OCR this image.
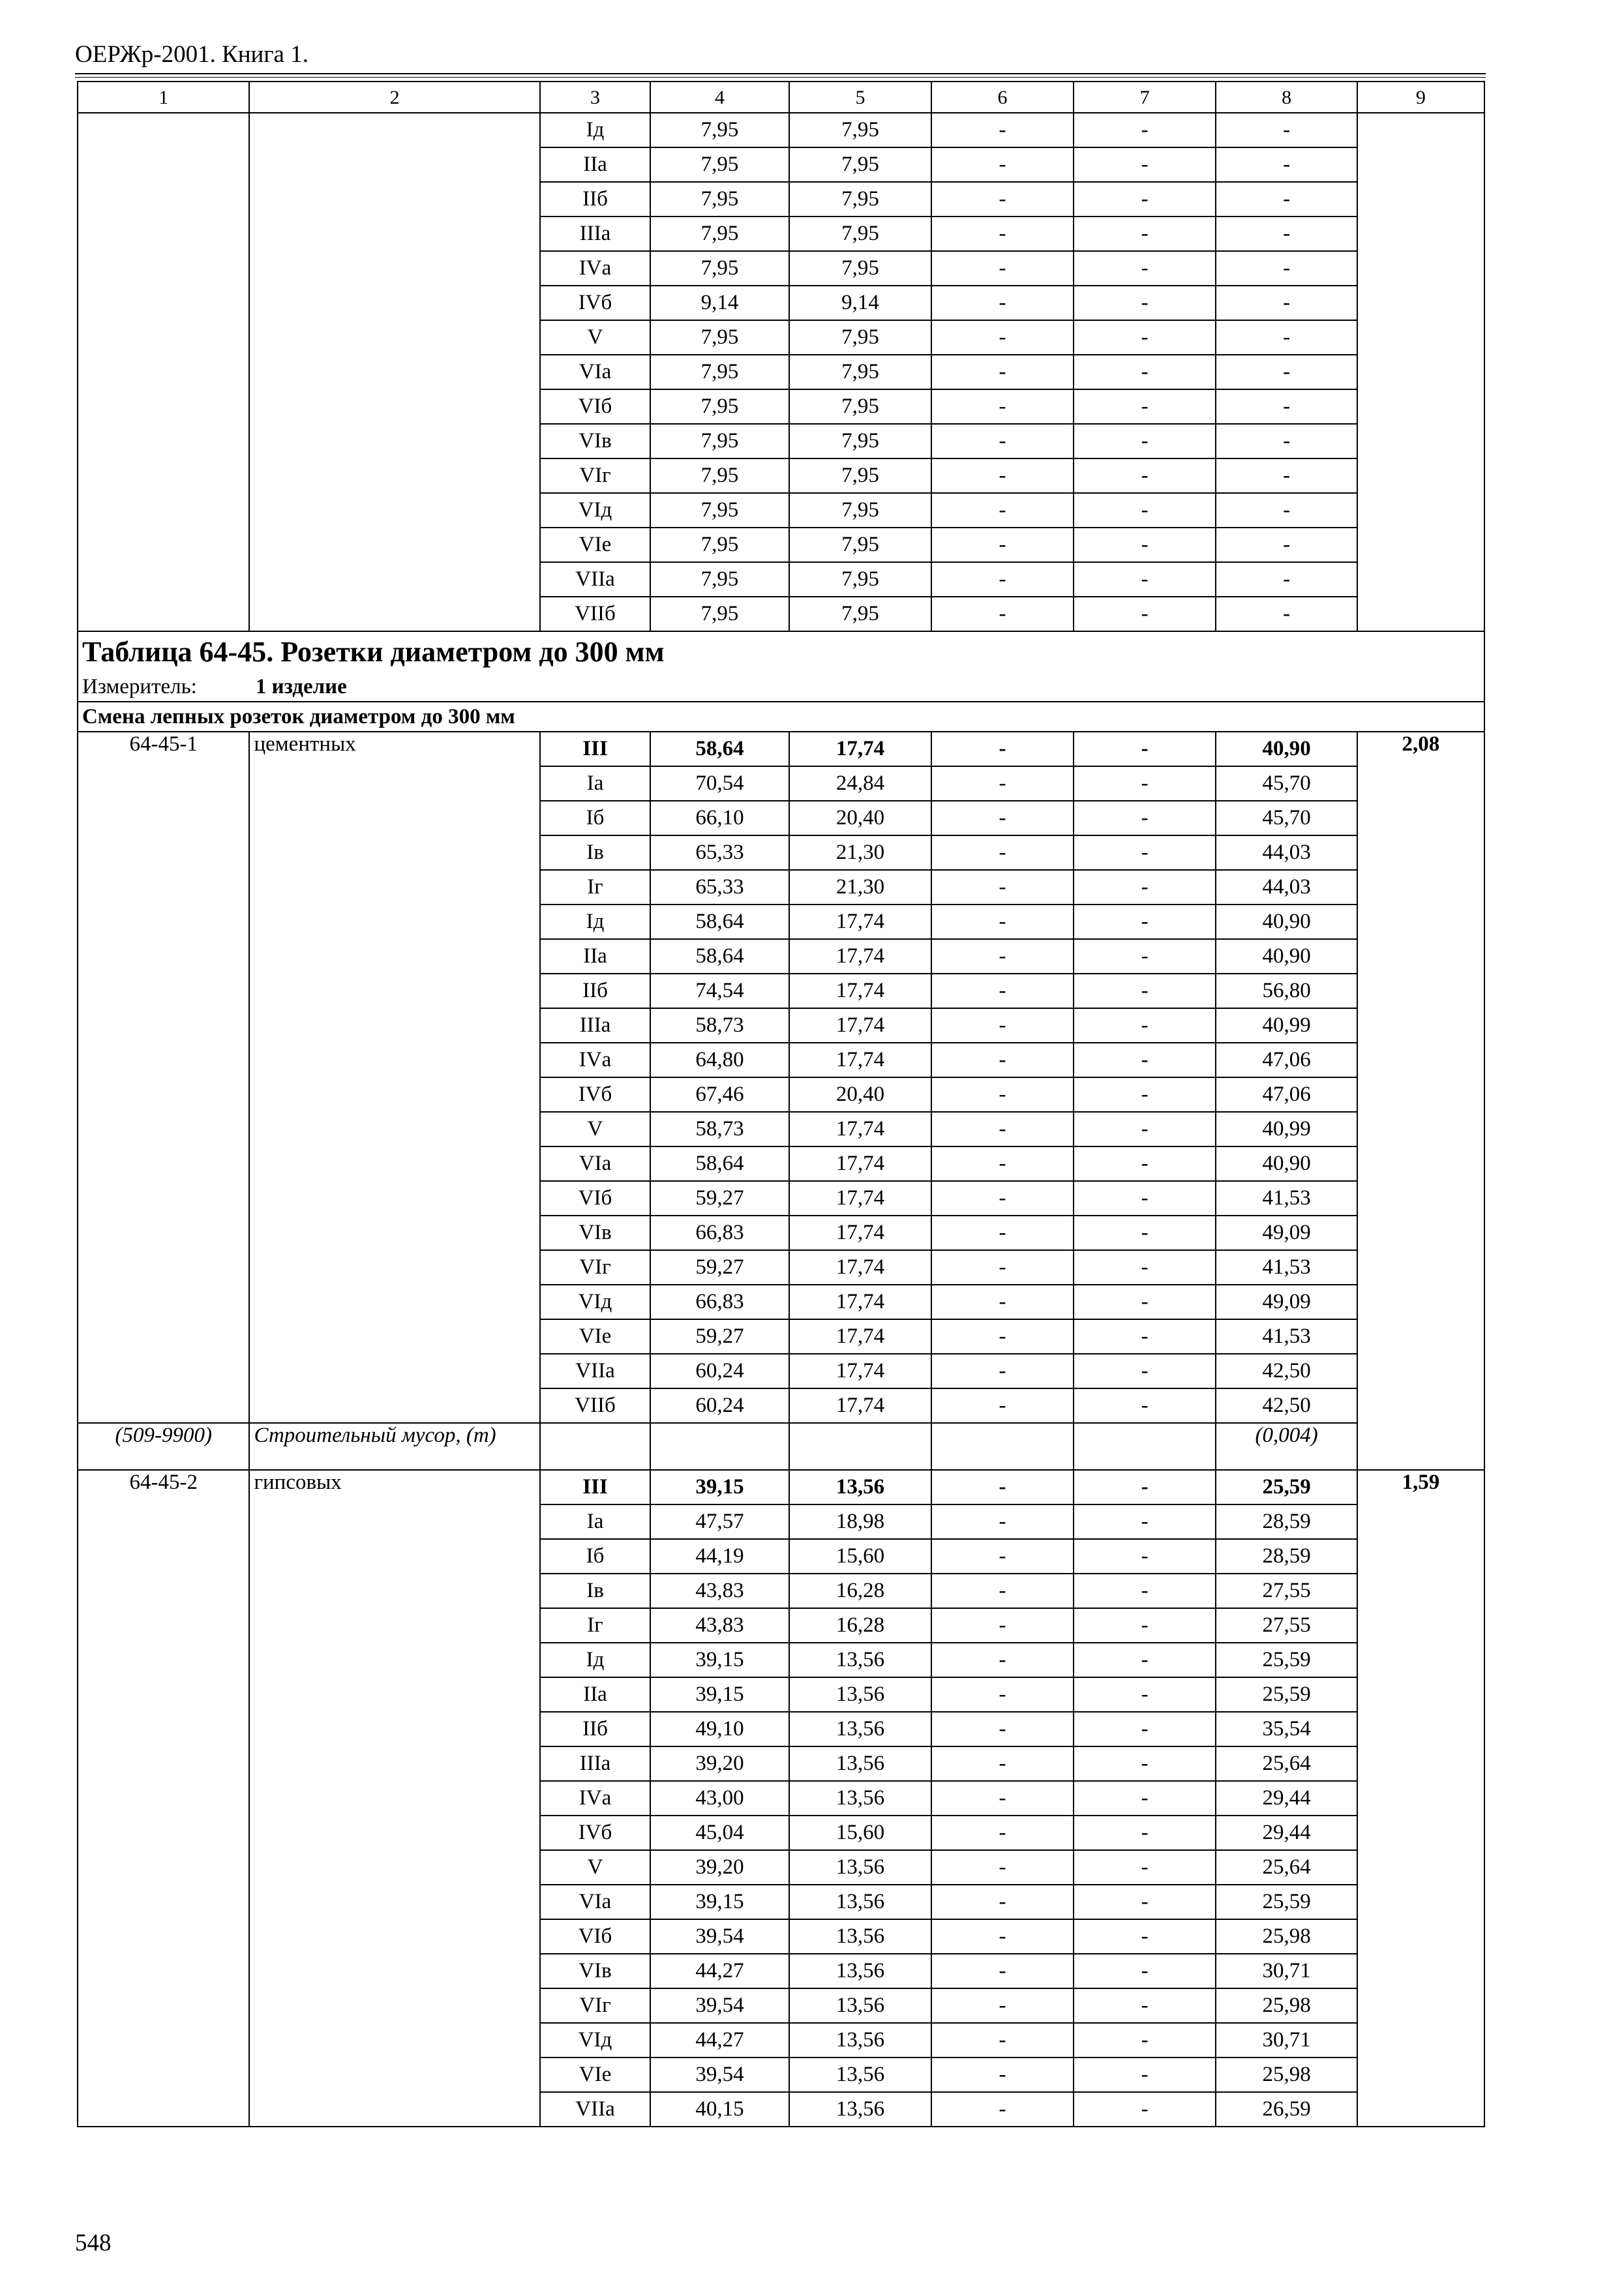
ОЕРЖр-2001. Книга 1.
1	2	3	4	5	6	7	8	9
		Iд	7,95	7,95	-	-	-	
		IIа	7,95	7,95	-	-	-	
		IIб	7,95	7,95	-	-	-	
		IIIа	7,95	7,95	-	-	-	
		IVа	7,95	7,95	-	-	-	
		IVб	9,14	9,14	-	-	-	
		V	7,95	7,95	-	-	-	
		VIа	7,95	7,95	-	-	-	
		VIб	7,95	7,95	-	-	-	
		VIв	7,95	7,95	-	-	-	
		VIг	7,95	7,95	-	-	-	
		VIд	7,95	7,95	-	-	-	
		VIе	7,95	7,95	-	-	-	
		VIIа	7,95	7,95	-	-	-	
		VIIб	7,95	7,95	-	-	-	
Таблица 64-45. Розетки диаметром до 300 мм								
Измеритель: 1 изделие								
Смена лепных розеток диаметром до 300 мм								
64-45-1	цементных	III	58,64	17,74	-	-	40,90	2,08
		Iа	70,54	24,84	-	-	45,70	
		Iб	66,10	20,40	-	-	45,70	
		Iв	65,33	21,30	-	-	44,03	
		Iг	65,33	21,30	-	-	44,03	
		Iд	58,64	17,74	-	-	40,90	
		IIа	58,64	17,74	-	-	40,90	
		IIб	74,54	17,74	-	-	56,80	
		IIIа	58,73	17,74	-	-	40,99	
		IVа	64,80	17,74	-	-	47,06	
		IVб	67,46	20,40	-	-	47,06	
		V	58,73	17,74	-	-	40,99	
		VIа	58,64	17,74	-	-	40,90	
		VIб	59,27	17,74	-	-	41,53	
		VIв	66,83	17,74	-	-	49,09	
		VIг	59,27	17,74	-	-	41,53	
		VIд	66,83	17,74	-	-	49,09	
		VIе	59,27	17,74	-	-	41,53	
		VIIа	60,24	17,74	-	-	42,50	
		VIIб	60,24	17,74	-	-	42,50	
(509-9900)	Строительный мусор, (т)						(0,004)	
64-45-2	гипсовых	III	39,15	13,56	-	-	25,59	1,59
		Iа	47,57	18,98	-	-	28,59	
		Iб	44,19	15,60	-	-	28,59	
		Iв	43,83	16,28	-	-	27,55	
		Iг	43,83	16,28	-	-	27,55	
		Iд	39,15	13,56	-	-	25,59	
		IIа	39,15	13,56	-	-	25,59	
		IIб	49,10	13,56	-	-	35,54	
		IIIа	39,20	13,56	-	-	25,64	
		IVа	43,00	13,56	-	-	29,44	
		IVб	45,04	15,60	-	-	29,44	
		V	39,20	13,56	-	-	25,64	
		VIа	39,15	13,56	-	-	25,59	
		VIб	39,54	13,56	-	-	25,98	
		VIв	44,27	13,56	-	-	30,71	
		VIг	39,54	13,56	-	-	25,98	
		VIд	44,27	13,56	-	-	30,71	
		VIе	39,54	13,56	-	-	25,98	
		VIIа	40,15	13,56	-	-	26,59	
548
